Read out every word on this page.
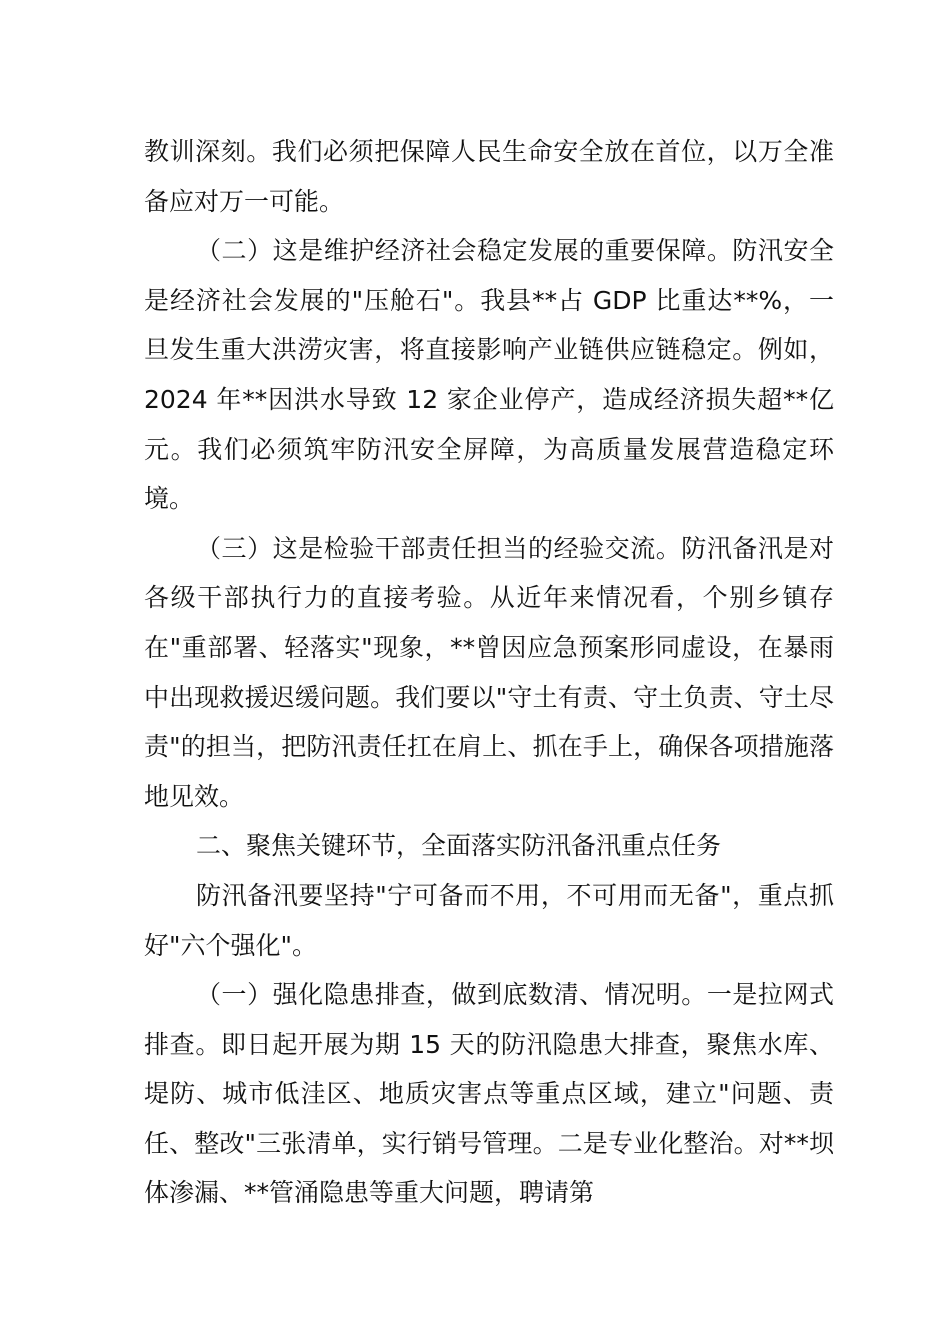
教训深刻。我们必须把保障人民生命安全放在首位，以万全准备应对万一可能。

（二）这是维护经济社会稳定发展的重要保障。防汛安全是经济社会发展的"压舱石"。我县**占 GDP 比重达**%，一旦发生重大洪涝灾害，将直接影响产业链供应链稳定。例如，2024 年**因洪水导致 12 家企业停产，造成经济损失超**亿元。我们必须筑牢防汛安全屏障，为高质量发展营造稳定环境。

（三）这是检验干部责任担当的经验交流。防汛备汛是对各级干部执行力的直接考验。从近年来情况看，个别乡镇存在"重部署、轻落实"现象，**曾因应急预案形同虚设，在暴雨中出现救援迟缓问题。我们要以"守土有责、守土负责、守土尽责"的担当，把防汛责任扛在肩上、抓在手上，确保各项措施落地见效。

二、聚焦关键环节，全面落实防汛备汛重点任务

防汛备汛要坚持"宁可备而不用，不可用而无备"，重点抓好"六个强化"。

（一）强化隐患排查，做到底数清、情况明。一是拉网式排查。即日起开展为期 15 天的防汛隐患大排查，聚焦水库、堤防、城市低洼区、地质灾害点等重点区域，建立"问题、责任、整改"三张清单，实行销号管理。二是专业化整治。对**坝体渗漏、**管涌隐患等重大问题，聘请第
